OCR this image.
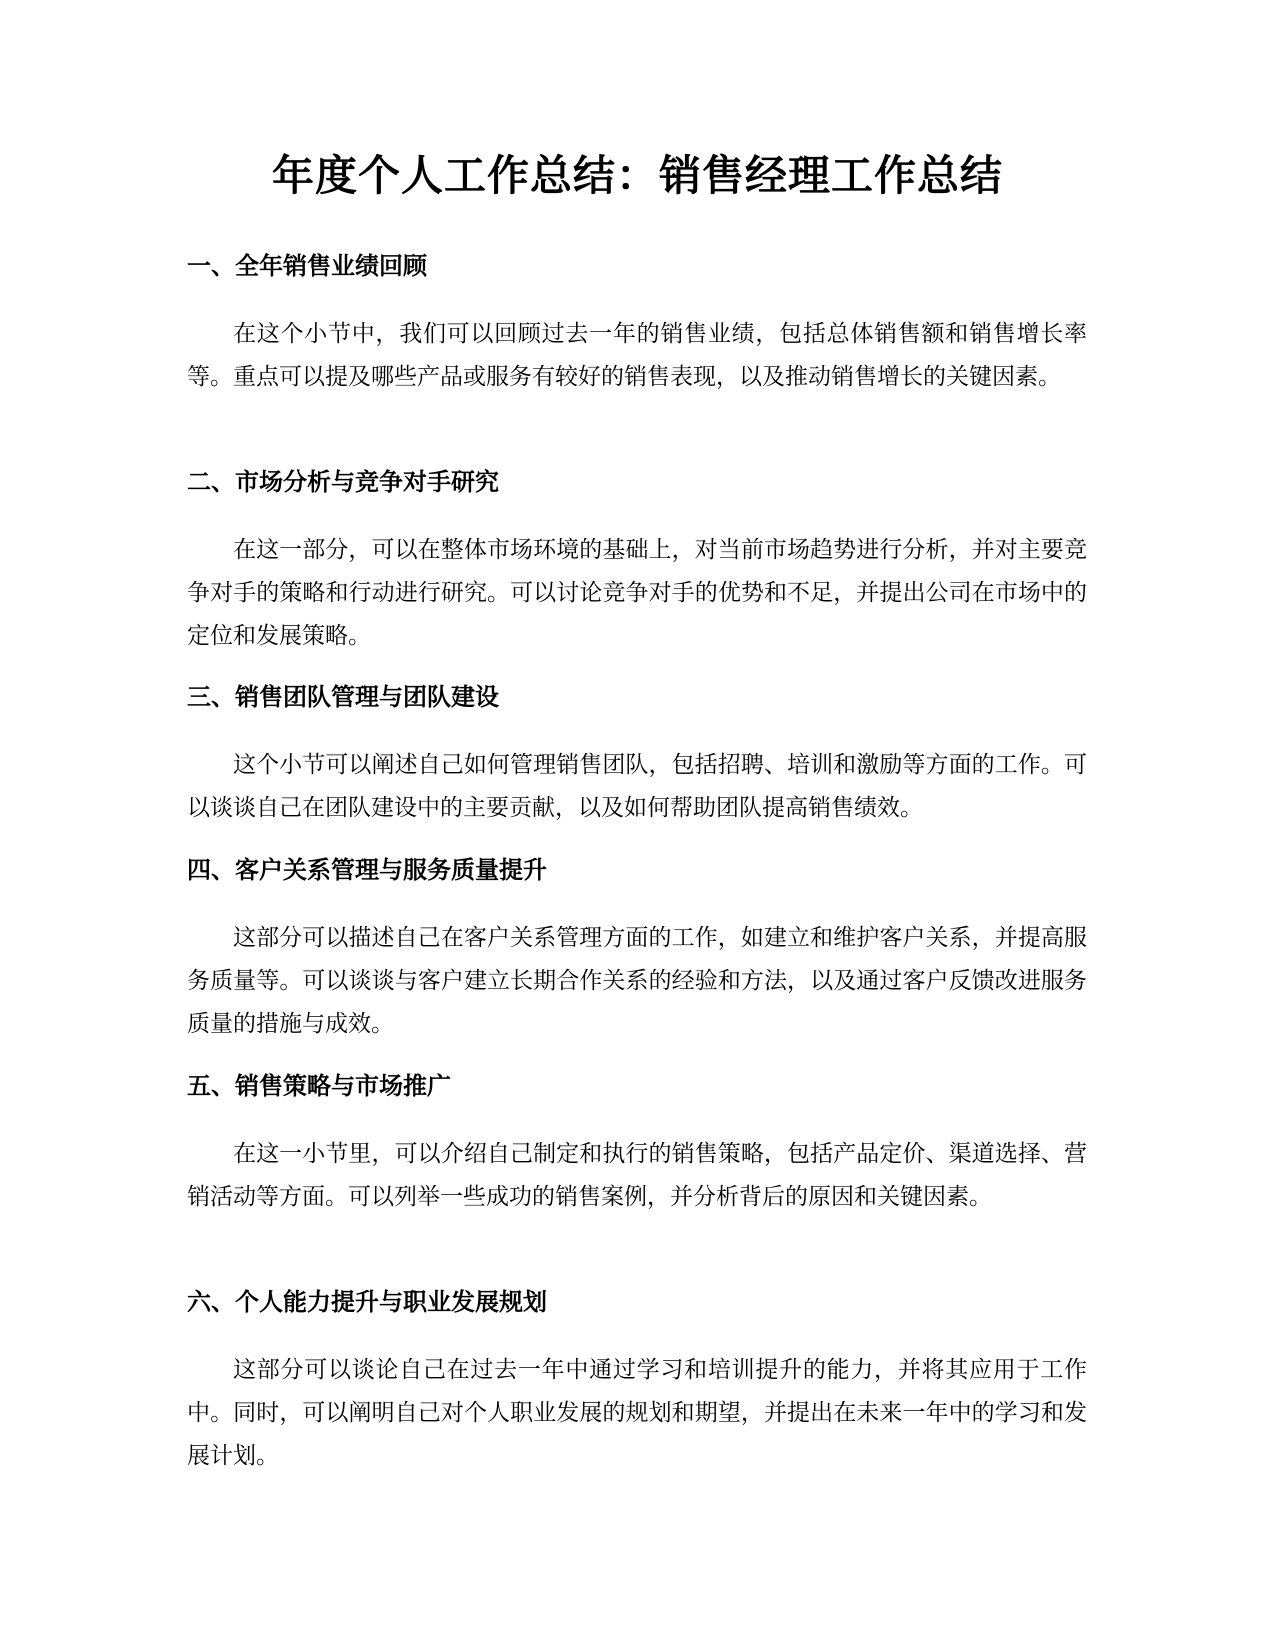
年度个人工作总结：销售经理工作总结
一、全年销售业绩回顾

在这个小节中，我们可以回顾过去一年的销售业绩，包括总体销售额和销售增长率等。重点可以提及哪些产品或服务有较好的销售表现，以及推动销售增长的关键因素。

二、市场分析与竞争对手研究

在这一部分，可以在整体市场环境的基础上，对当前市场趋势进行分析，并对主要竞争对手的策略和行动进行研究。可以讨论竞争对手的优势和不足，并提出公司在市场中的定位和发展策略。

三、销售团队管理与团队建设

这个小节可以阐述自己如何管理销售团队，包括招聘、培训和激励等方面的工作。可以谈谈自己在团队建设中的主要贡献，以及如何帮助团队提高销售绩效。

四、客户关系管理与服务质量提升

这部分可以描述自己在客户关系管理方面的工作，如建立和维护客户关系，并提高服务质量等。可以谈谈与客户建立长期合作关系的经验和方法，以及通过客户反馈改进服务质量的措施与成效。

五、销售策略与市场推广

在这一小节里，可以介绍自己制定和执行的销售策略，包括产品定价、渠道选择、营销活动等方面。可以列举一些成功的销售案例，并分析背后的原因和关键因素。

六、个人能力提升与职业发展规划

这部分可以谈论自己在过去一年中通过学习和培训提升的能力，并将其应用于工作中。同时，可以阐明自己对个人职业发展的规划和期望，并提出在未来一年中的学习和发展计划。
